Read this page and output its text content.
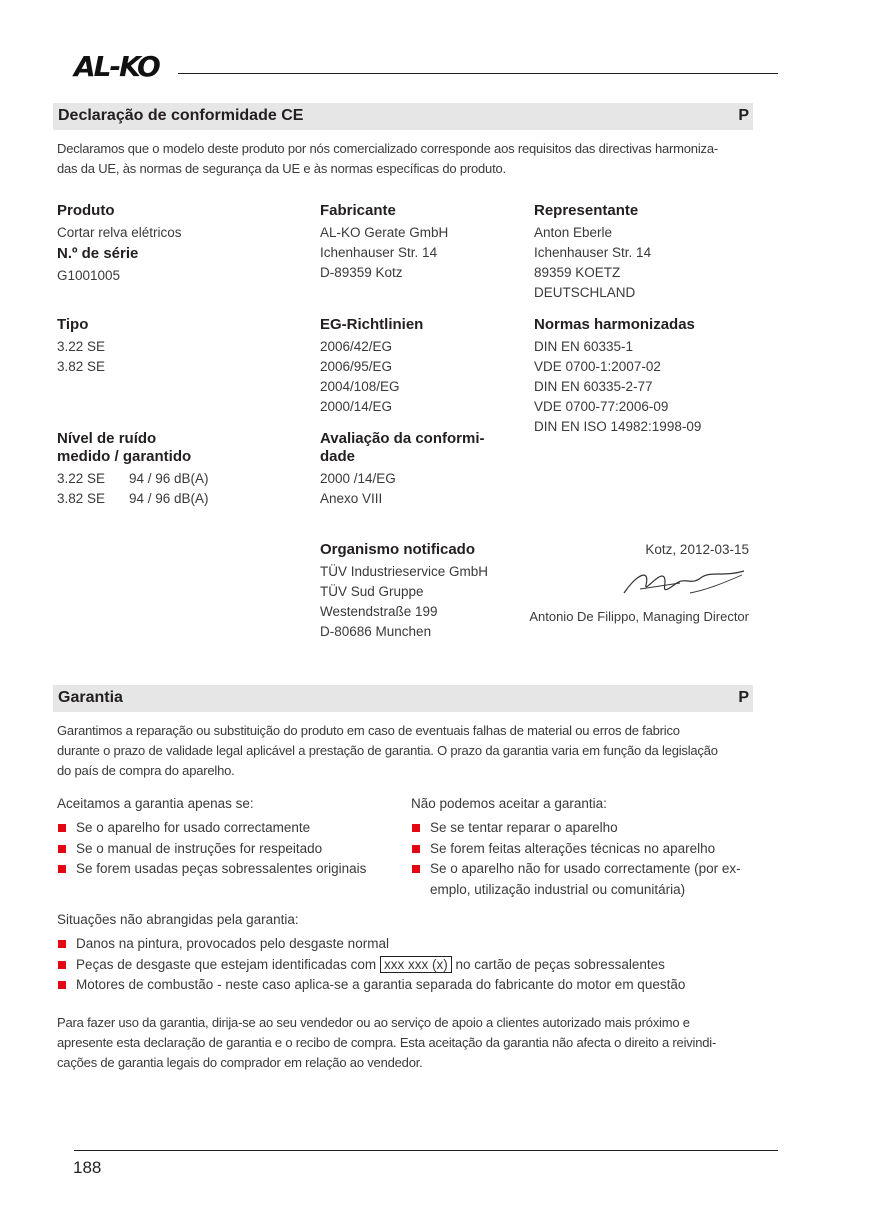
AL-KO
Declaração de conformidade CE	P
Declaramos que o modelo deste produto por nós comercializado corresponde aos requisitos das directivas harmoniza-
das da UE, às normas de segurança da UE e às normas específicas do produto.
Produto
Cortar relva elétricos
N.º de série
G1001005
Fabricante
AL-KO Gerate GmbH
Ichenhauser Str. 14
D-89359 Kotz
Representante
Anton Eberle
Ichenhauser Str. 14
89359 KOETZ
DEUTSCHLAND
Tipo
3.22 SE
3.82 SE
EG-Richtlinien
2006/42/EG
2006/95/EG
2004/108/EG
2000/14/EG
Normas harmonizadas
DIN EN 60335-1
VDE 0700-1:2007-02
DIN EN 60335-2-77
VDE 0700-77:2006-09
DIN EN ISO 14982:1998-09
Nível de ruído
medido / garantido
3.22 SE 94 / 96 dB(A)
3.82 SE 94 / 96 dB(A)
Avaliação da conformi-
dade
2000 /14/EG
Anexo VIII
Organismo notificado
TÜV Industrieservice GmbH
TÜV Sud Gruppe
Westendstraße 199
D-80686 Munchen
Kotz, 2012-03-15
Antonio De Filippo, Managing Director
Garantia	P
Garantimos a reparação ou substituição do produto em caso de eventuais falhas de material ou erros de fabrico
durante o prazo de validade legal aplicável a prestação de garantia. O prazo da garantia varia em função da legislação
do país de compra do aparelho.
Aceitamos a garantia apenas se:
Se o aparelho for usado correctamente
Se o manual de instruções for respeitado
Se forem usadas peças sobressalentes originais
Não podemos aceitar a garantia:
Se se tentar reparar o aparelho
Se forem feitas alterações técnicas no aparelho
Se o aparelho não for usado correctamente (por ex-
emplo, utilização industrial ou comunitária)
Situações não abrangidas pela garantia:
Danos na pintura, provocados pelo desgaste normal
Peças de desgaste que estejam identificadas com xxx xxx (x) no cartão de peças sobressalentes
Motores de combustão - neste caso aplica-se a garantia separada do fabricante do motor em questão
Para fazer uso da garantia, dirija-se ao seu vendedor ou ao serviço de apoio a clientes autorizado mais próximo e
apresente esta declaração de garantia e o recibo de compra. Esta aceitação da garantia não afecta o direito a reivindi-
cações de garantia legais do comprador em relação ao vendedor.
188
